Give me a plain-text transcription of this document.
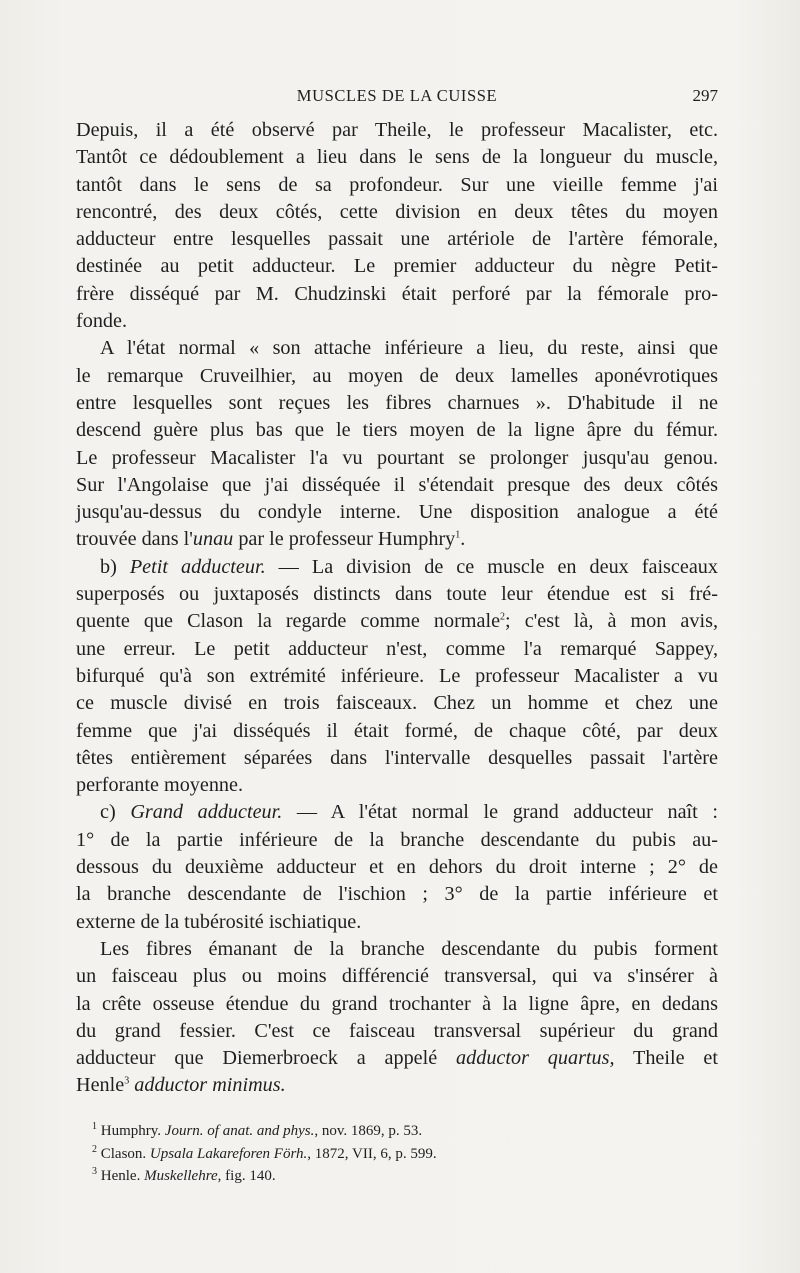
MUSCLES DE LA CUISSE	297
Depuis, il a été observé par Theile, le professeur Macalister, etc.
Tantôt ce dédoublement a lieu dans le sens de la longueur du muscle,
tantôt dans le sens de sa profondeur. Sur une vieille femme j'ai
rencontré, des deux côtés, cette division en deux têtes du moyen
adducteur entre lesquelles passait une artériole de l'artère fémorale,
destinée au petit adducteur. Le premier adducteur du nègre Petit-
frère disséqué par M. Chudzinski était perforé par la fémorale pro-
fonde.
A l'état normal « son attache inférieure a lieu, du reste, ainsi que
le remarque Cruveilhier, au moyen de deux lamelles aponévrotiques
entre lesquelles sont reçues les fibres charnues ». D'habitude il ne
descend guère plus bas que le tiers moyen de la ligne âpre du fémur.
Le professeur Macalister l'a vu pourtant se prolonger jusqu'au genou.
Sur l'Angolaise que j'ai disséquée il s'étendait presque des deux côtés
jusqu'au-dessus du condyle interne. Une disposition analogue a été
trouvée dans l'unau par le professeur Humphry$^1$.
b) Petit adducteur. — La division de ce muscle en deux faisceaux
superposés ou juxtaposés distincts dans toute leur étendue est si fré-
quente que Clason la regarde comme normale$^2$; c'est là, à mon avis,
une erreur. Le petit adducteur n'est, comme l'a remarqué Sappey,
bifurqué qu'à son extrémité inférieure. Le professeur Macalister a vu
ce muscle divisé en trois faisceaux. Chez un homme et chez une
femme que j'ai disséqués il était formé, de chaque côté, par deux
têtes entièrement séparées dans l'intervalle desquelles passait l'artère
perforante moyenne.
c) Grand adducteur. — A l'état normal le grand adducteur naît :
1° de la partie inférieure de la branche descendante du pubis au-
dessous du deuxième adducteur et en dehors du droit interne ; 2° de
la branche descendante de l'ischion ; 3° de la partie inférieure et
externe de la tubérosité ischiatique.
Les fibres émanant de la branche descendante du pubis forment
un faisceau plus ou moins différencié transversal, qui va s'insérer à
la crête osseuse étendue du grand trochanter à la ligne âpre, en dedans
du grand fessier. C'est ce faisceau transversal supérieur du grand
adducteur que Diemerbroeck a appelé adductor quartus, Theile et
Henle$^3$ adductor minimus.
$^1$ Humphry. Journ. of anat. and phys., nov. 1869, p. 53.
$^2$ Clason. Upsala Lakareforen Förh., 1872, VII, 6, p. 599.
$^3$ Henle. Muskellehre, fig. 140.
